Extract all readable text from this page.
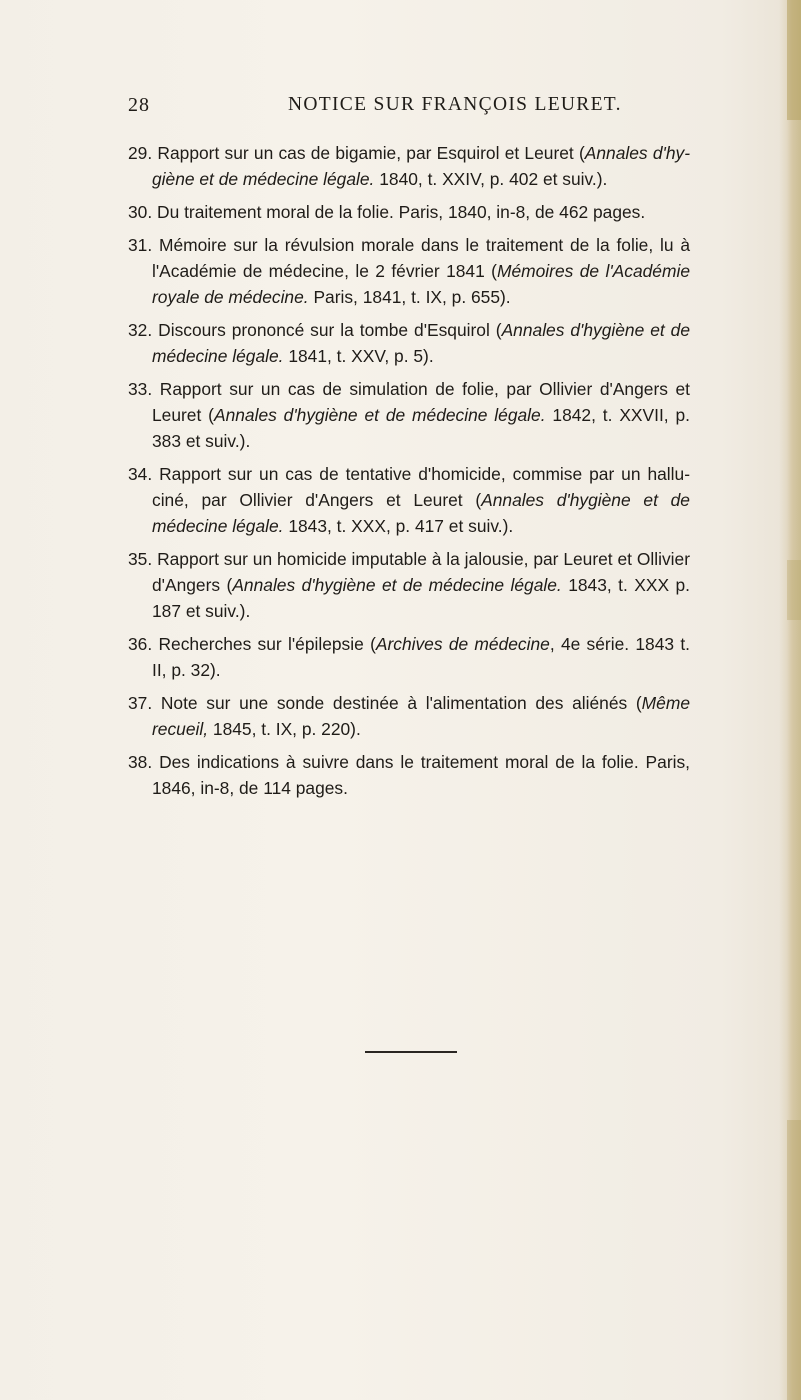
28	NOTICE SUR FRANÇOIS LEURET.

29. Rapport sur un cas de bigamie, par Esquirol et Leuret (Annales d'hygiène et de médecine légale. 1840, t. XXIV, p. 402 et suiv.).

30. Du traitement moral de la folie. Paris, 1840, in-8, de 462 pages.

31. Mémoire sur la révulsion morale dans le traitement de la folie, lu à l'Académie de médecine, le 2 février 1841 (Mémoires de l'Académie royale de médecine. Paris, 1841, t. IX, p. 655).

32. Discours prononcé sur la tombe d'Esquirol (Annales d'hygiène et de médecine légale. 1841, t. XXV, p. 5).

33. Rapport sur un cas de simulation de folie, par Ollivier d'Angers et Leuret (Annales d'hygiène et de médecine légale. 1842, t. XXVII, p. 383 et suiv.).

34. Rapport sur un cas de tentative d'homicide, commise par un halluciné, par Ollivier d'Angers et Leuret (Annales d'hygiène et de médecine légale. 1843, t. XXX, p. 417 et suiv.).

35. Rapport sur un homicide imputable à la jalousie, par Leuret et Ollivier d'Angers (Annales d'hygiène et de médecine légale. 1843, t. XXX p. 187 et suiv.).

36. Recherches sur l'épilepsie (Archives de médecine, 4e série. 1843 t. II, p. 32).

37. Note sur une sonde destinée à l'alimentation des aliénés (Même recueil, 1845, t. IX, p. 220).

38. Des indications à suivre dans le traitement moral de la folie. Paris, 1846, in-8, de 114 pages.
